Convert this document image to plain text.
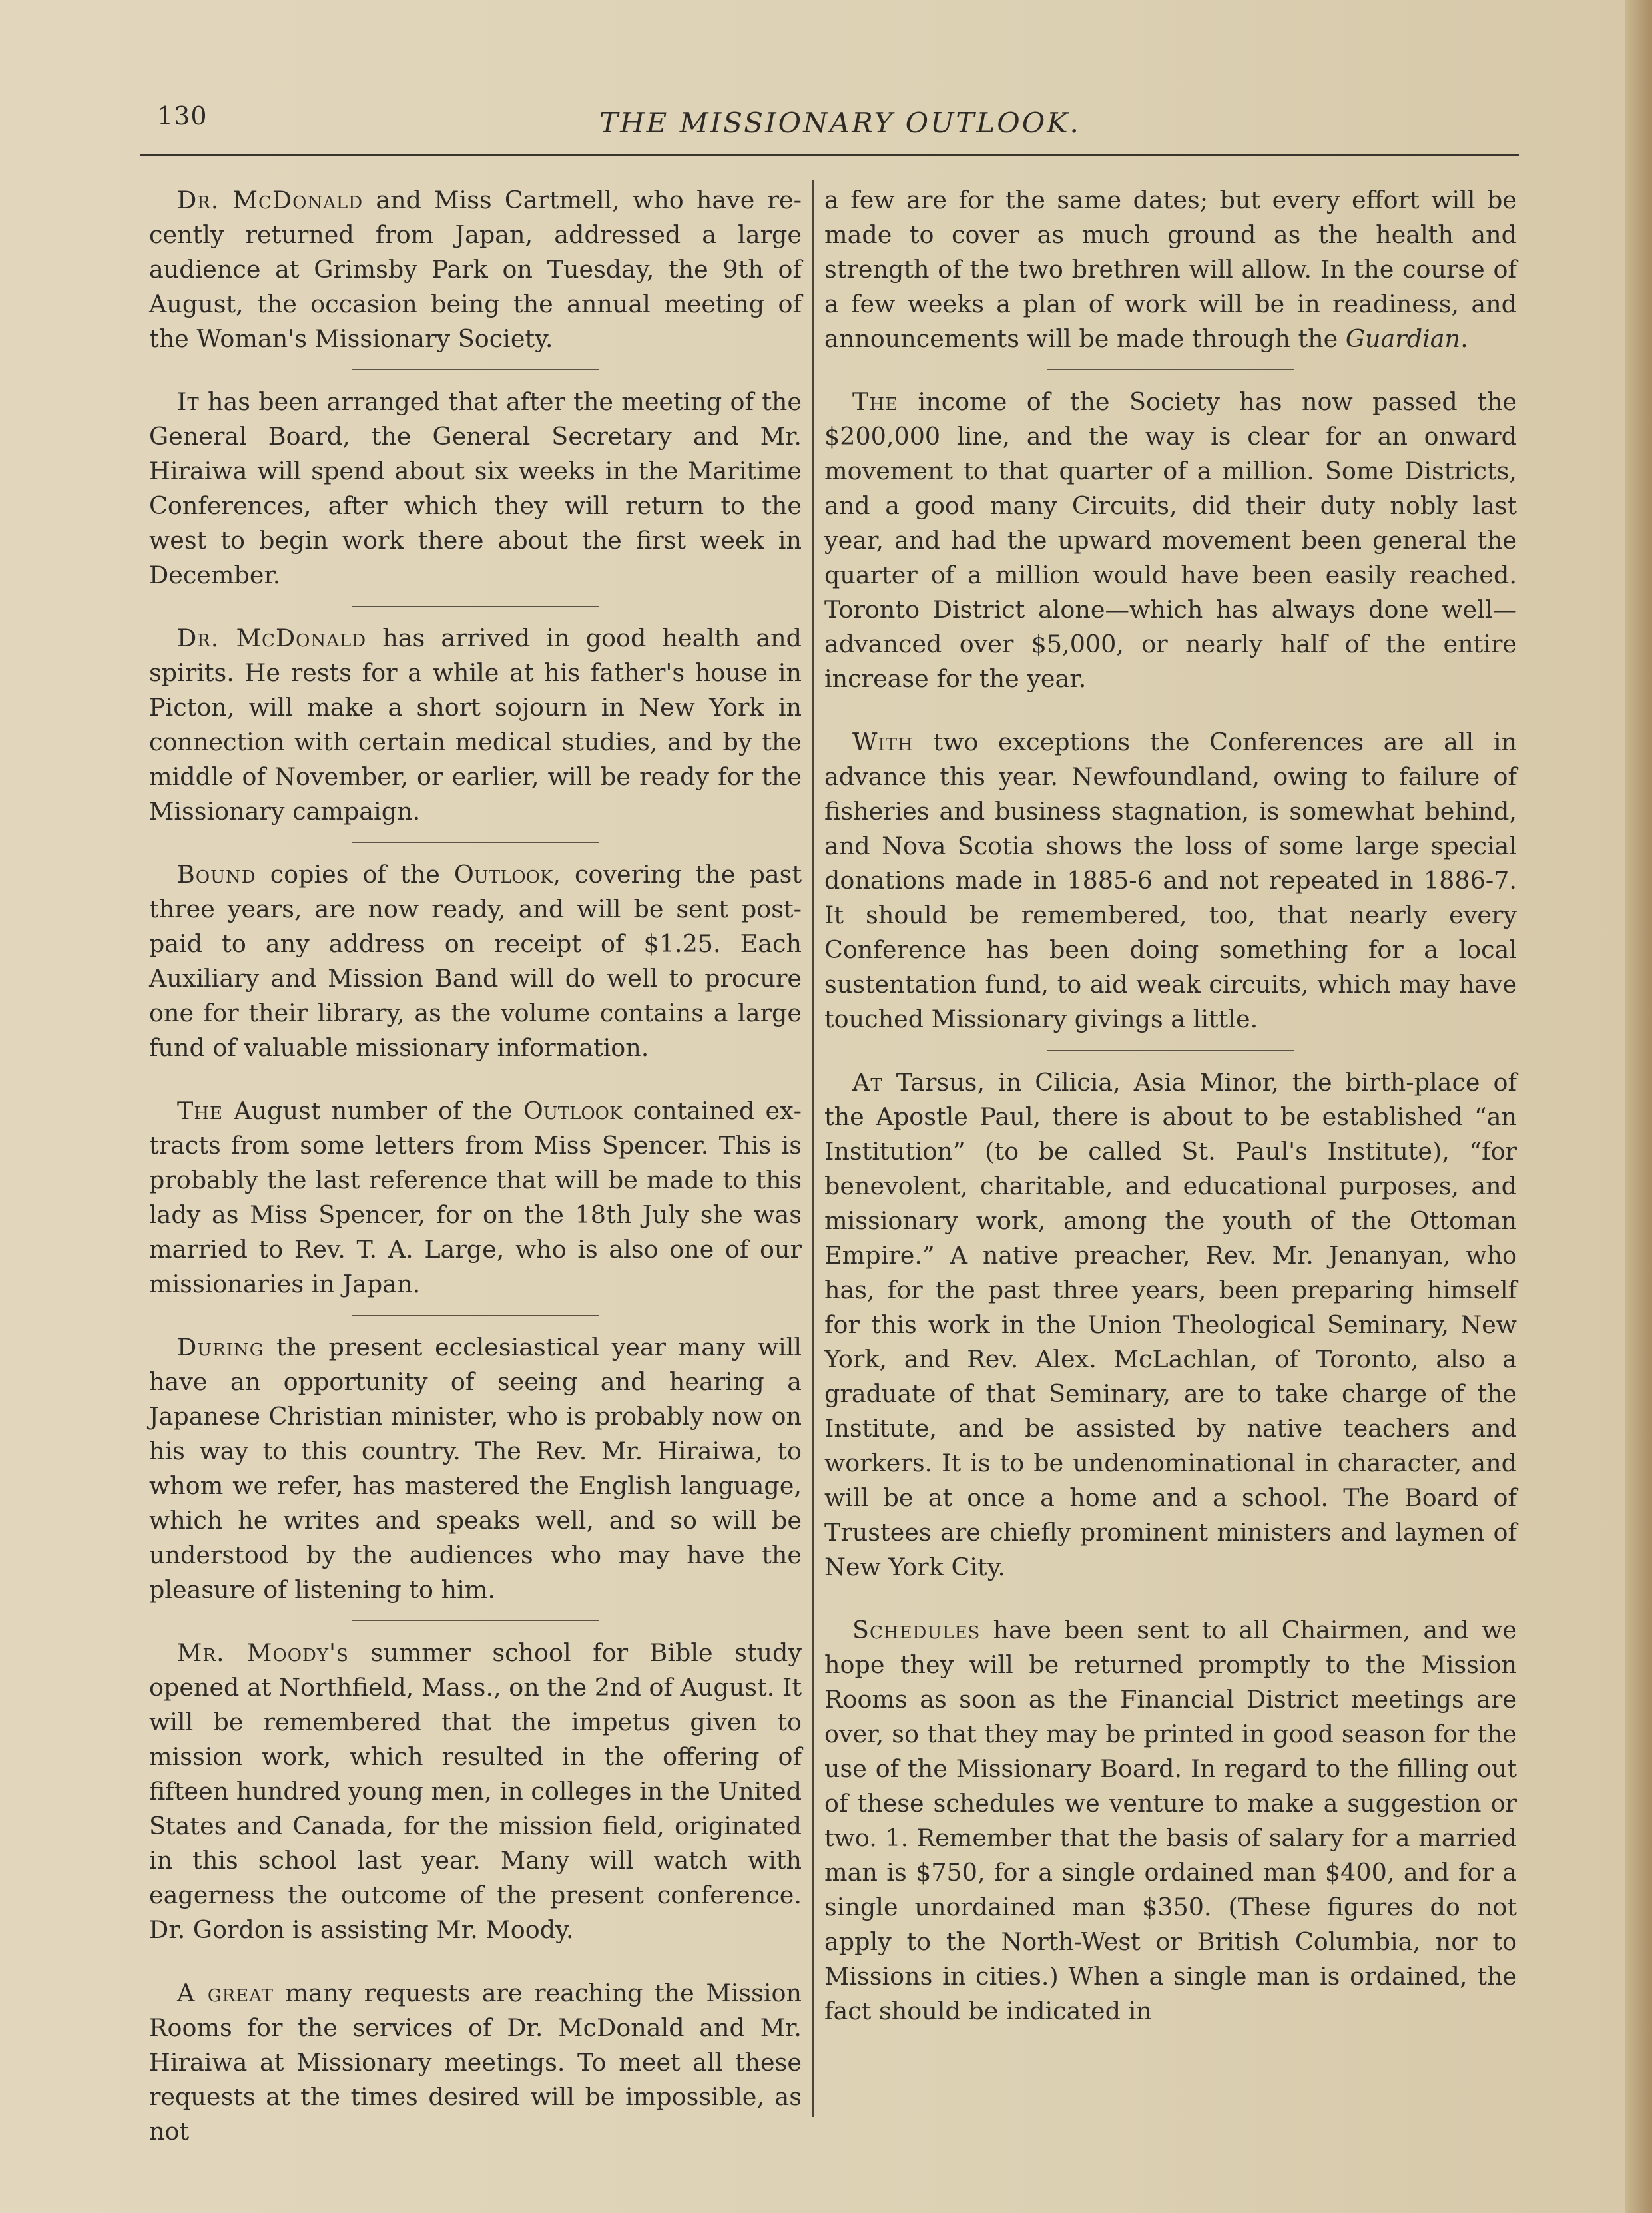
130	THE MISSIONARY OUTLOOK.

Dr. McDonald and Miss Cartmell, who have recently returned from Japan, addressed a large audience at Grimsby Park on Tuesday, the 9th of August, the occasion being the annual meeting of the Woman's Missionary Society.

It has been arranged that after the meeting of the General Board, the General Secretary and Mr. Hiraiwa will spend about six weeks in the Maritime Conferences, after which they will return to the west to begin work there about the first week in December.

Dr. McDonald has arrived in good health and spirits. He rests for a while at his father's house in Picton, will make a short sojourn in New York in connection with certain medical studies, and by the middle of November, or earlier, will be ready for the Missionary campaign.

Bound copies of the Outlook, covering the past three years, are now ready, and will be sent post-paid to any address on receipt of $1.25. Each Auxiliary and Mission Band will do well to procure one for their library, as the volume contains a large fund of valuable missionary information.

The August number of the Outlook contained extracts from some letters from Miss Spencer. This is probably the last reference that will be made to this lady as Miss Spencer, for on the 18th July she was married to Rev. T. A. Large, who is also one of our missionaries in Japan.

During the present ecclesiastical year many will have an opportunity of seeing and hearing a Japanese Christian minister, who is probably now on his way to this country. The Rev. Mr. Hiraiwa, to whom we refer, has mastered the English language, which he writes and speaks well, and so will be understood by the audiences who may have the pleasure of listening to him.

Mr. Moody's summer school for Bible study opened at Northfield, Mass., on the 2nd of August. It will be remembered that the impetus given to mission work, which resulted in the offering of fifteen hundred young men, in colleges in the United States and Canada, for the mission field, originated in this school last year. Many will watch with eagerness the outcome of the present conference. Dr. Gordon is assisting Mr. Moody.

A great many requests are reaching the Mission Rooms for the services of Dr. McDonald and Mr. Hiraiwa at Missionary meetings. To meet all these requests at the times desired will be impossible, as not

a few are for the same dates; but every effort will be made to cover as much ground as the health and strength of the two brethren will allow. In the course of a few weeks a plan of work will be in readiness, and announcements will be made through the Guardian.

The income of the Society has now passed the $200,000 line, and the way is clear for an onward movement to that quarter of a million. Some Districts, and a good many Circuits, did their duty nobly last year, and had the upward movement been general the quarter of a million would have been easily reached. Toronto District alone—which has always done well—advanced over $5,000, or nearly half of the entire increase for the year.

With two exceptions the Conferences are all in advance this year. Newfoundland, owing to failure of fisheries and business stagnation, is somewhat behind, and Nova Scotia shows the loss of some large special donations made in 1885-6 and not repeated in 1886-7. It should be remembered, too, that nearly every Conference has been doing something for a local sustentation fund, to aid weak circuits, which may have touched Missionary givings a little.

At Tarsus, in Cilicia, Asia Minor, the birth-place of the Apostle Paul, there is about to be established “an Institution” (to be called St. Paul's Institute), “for benevolent, charitable, and educational purposes, and missionary work, among the youth of the Ottoman Empire.” A native preacher, Rev. Mr. Jenanyan, who has, for the past three years, been preparing himself for this work in the Union Theological Seminary, New York, and Rev. Alex. McLachlan, of Toronto, also a graduate of that Seminary, are to take charge of the Institute, and be assisted by native teachers and workers. It is to be undenominational in character, and will be at once a home and a school. The Board of Trustees are chiefly prominent ministers and laymen of New York City.

Schedules have been sent to all Chairmen, and we hope they will be returned promptly to the Mission Rooms as soon as the Financial District meetings are over, so that they may be printed in good season for the use of the Missionary Board. In regard to the filling out of these schedules we venture to make a suggestion or two. 1. Remember that the basis of salary for a married man is $750, for a single ordained man $400, and for a single unordained man $350. (These figures do not apply to the North-West or British Columbia, nor to Missions in cities.) When a single man is ordained, the fact should be indicated in
